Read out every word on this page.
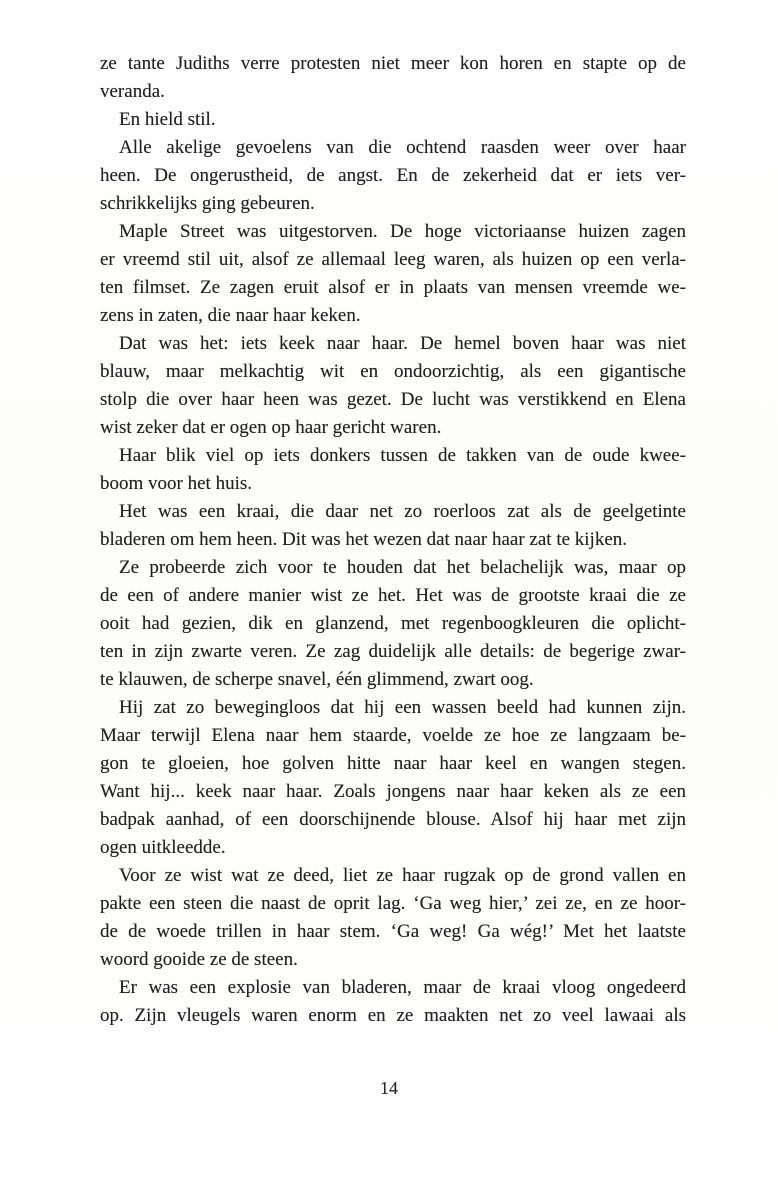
ze tante Judiths verre protesten niet meer kon horen en stapte op de
veranda.
En hield stil.
Alle akelige gevoelens van die ochtend raasden weer over haar
heen. De ongerustheid, de angst. En de zekerheid dat er iets ver-
schrikkelijks ging gebeuren.
Maple Street was uitgestorven. De hoge victoriaanse huizen zagen
er vreemd stil uit, alsof ze allemaal leeg waren, als huizen op een verla-
ten filmset. Ze zagen eruit alsof er in plaats van mensen vreemde we-
zens in zaten, die naar haar keken.
Dat was het: iets keek naar haar. De hemel boven haar was niet
blauw, maar melkachtig wit en ondoorzichtig, als een gigantische
stolp die over haar heen was gezet. De lucht was verstikkend en Elena
wist zeker dat er ogen op haar gericht waren.
Haar blik viel op iets donkers tussen de takken van de oude kwee-
boom voor het huis.
Het was een kraai, die daar net zo roerloos zat als de geelgetinte
bladeren om hem heen. Dit was het wezen dat naar haar zat te kijken.
Ze probeerde zich voor te houden dat het belachelijk was, maar op
de een of andere manier wist ze het. Het was de grootste kraai die ze
ooit had gezien, dik en glanzend, met regenboogkleuren die oplicht-
ten in zijn zwarte veren. Ze zag duidelijk alle details: de begerige zwar-
te klauwen, de scherpe snavel, één glimmend, zwart oog.
Hij zat zo bewegingloos dat hij een wassen beeld had kunnen zijn.
Maar terwijl Elena naar hem staarde, voelde ze hoe ze langzaam be-
gon te gloeien, hoe golven hitte naar haar keel en wangen stegen.
Want hij... keek naar haar. Zoals jongens naar haar keken als ze een
badpak aanhad, of een doorschijnende blouse. Alsof hij haar met zijn
ogen uitkleedde.
Voor ze wist wat ze deed, liet ze haar rugzak op de grond vallen en
pakte een steen die naast de oprit lag. ‘Ga weg hier,’ zei ze, en ze hoor-
de de woede trillen in haar stem. ‘Ga weg! Ga wég!’ Met het laatste
woord gooide ze de steen.
Er was een explosie van bladeren, maar de kraai vloog ongedeerd
op. Zijn vleugels waren enorm en ze maakten net zo veel lawaai als
14
